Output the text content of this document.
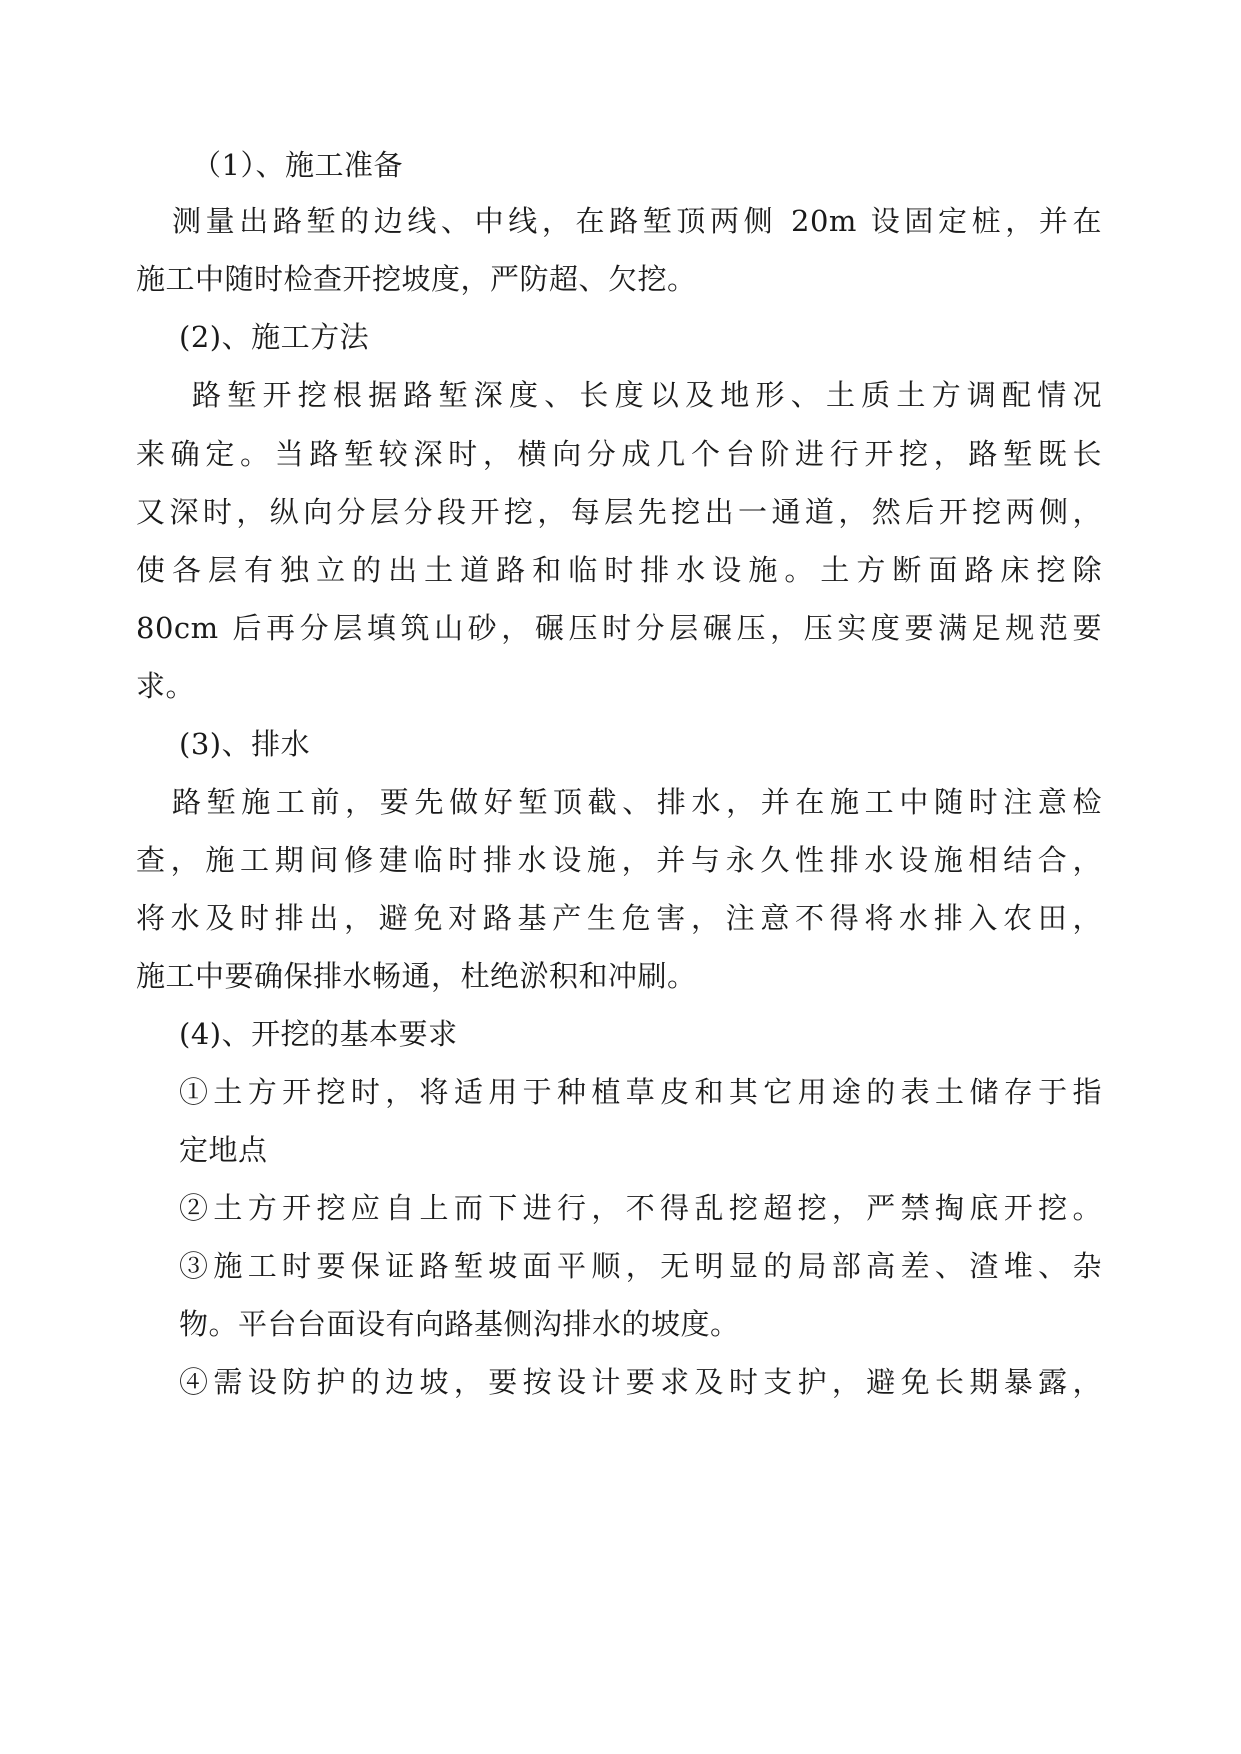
（1）、施工准备
测量出路堑的边线、中线，在路堑顶两侧 20m 设固定桩，并在
施工中随时检查开挖坡度，严防超、欠挖。
(2)、施工方法
路堑开挖根据路堑深度、长度以及地形、土质土方调配情况
来确定。当路堑较深时，横向分成几个台阶进行开挖，路堑既长
又深时，纵向分层分段开挖，每层先挖出一通道，然后开挖两侧，
使各层有独立的出土道路和临时排水设施。土方断面路床挖除
80cm 后再分层填筑山砂，碾压时分层碾压，压实度要满足规范要
求。
(3)、排水
路堑施工前，要先做好堑顶截、排水，并在施工中随时注意检
查，施工期间修建临时排水设施，并与永久性排水设施相结合，
将水及时排出，避免对路基产生危害，注意不得将水排入农田，
施工中要确保排水畅通，杜绝淤积和冲刷。
(4)、开挖的基本要求
①土方开挖时，将适用于种植草皮和其它用途的表土储存于指
定地点
②土方开挖应自上而下进行，不得乱挖超挖，严禁掏底开挖。
③施工时要保证路堑坡面平顺，无明显的局部高差、渣堆、杂
物。平台台面设有向路基侧沟排水的坡度。
④需设防护的边坡，要按设计要求及时支护，避免长期暴露，
